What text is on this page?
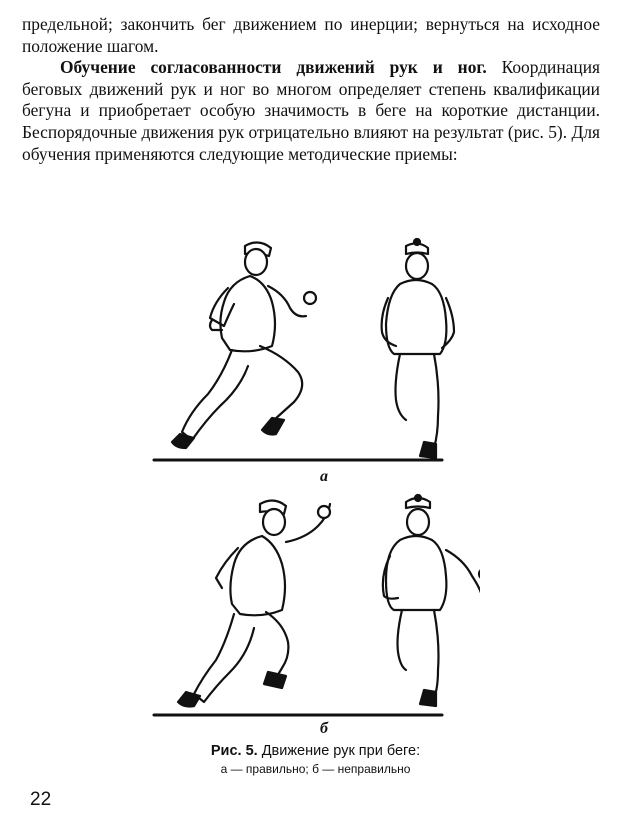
предельной; закончить бег движением по инерции; вернуться на исходное положение шагом.

Обучение согласованности движений рук и ног. Координация беговых движений рук и ног во многом определяет степень квалификации бегуна и приобретает особую значимость в беге на короткие дистанции. Беспорядочные движения рук отрицательно влияют на результат (рис. 5). Для обучения применяются следующие методические приемы:

а
б
Рис. 5. Движение рук при беге:
а — правильно; б — неправильно
22
